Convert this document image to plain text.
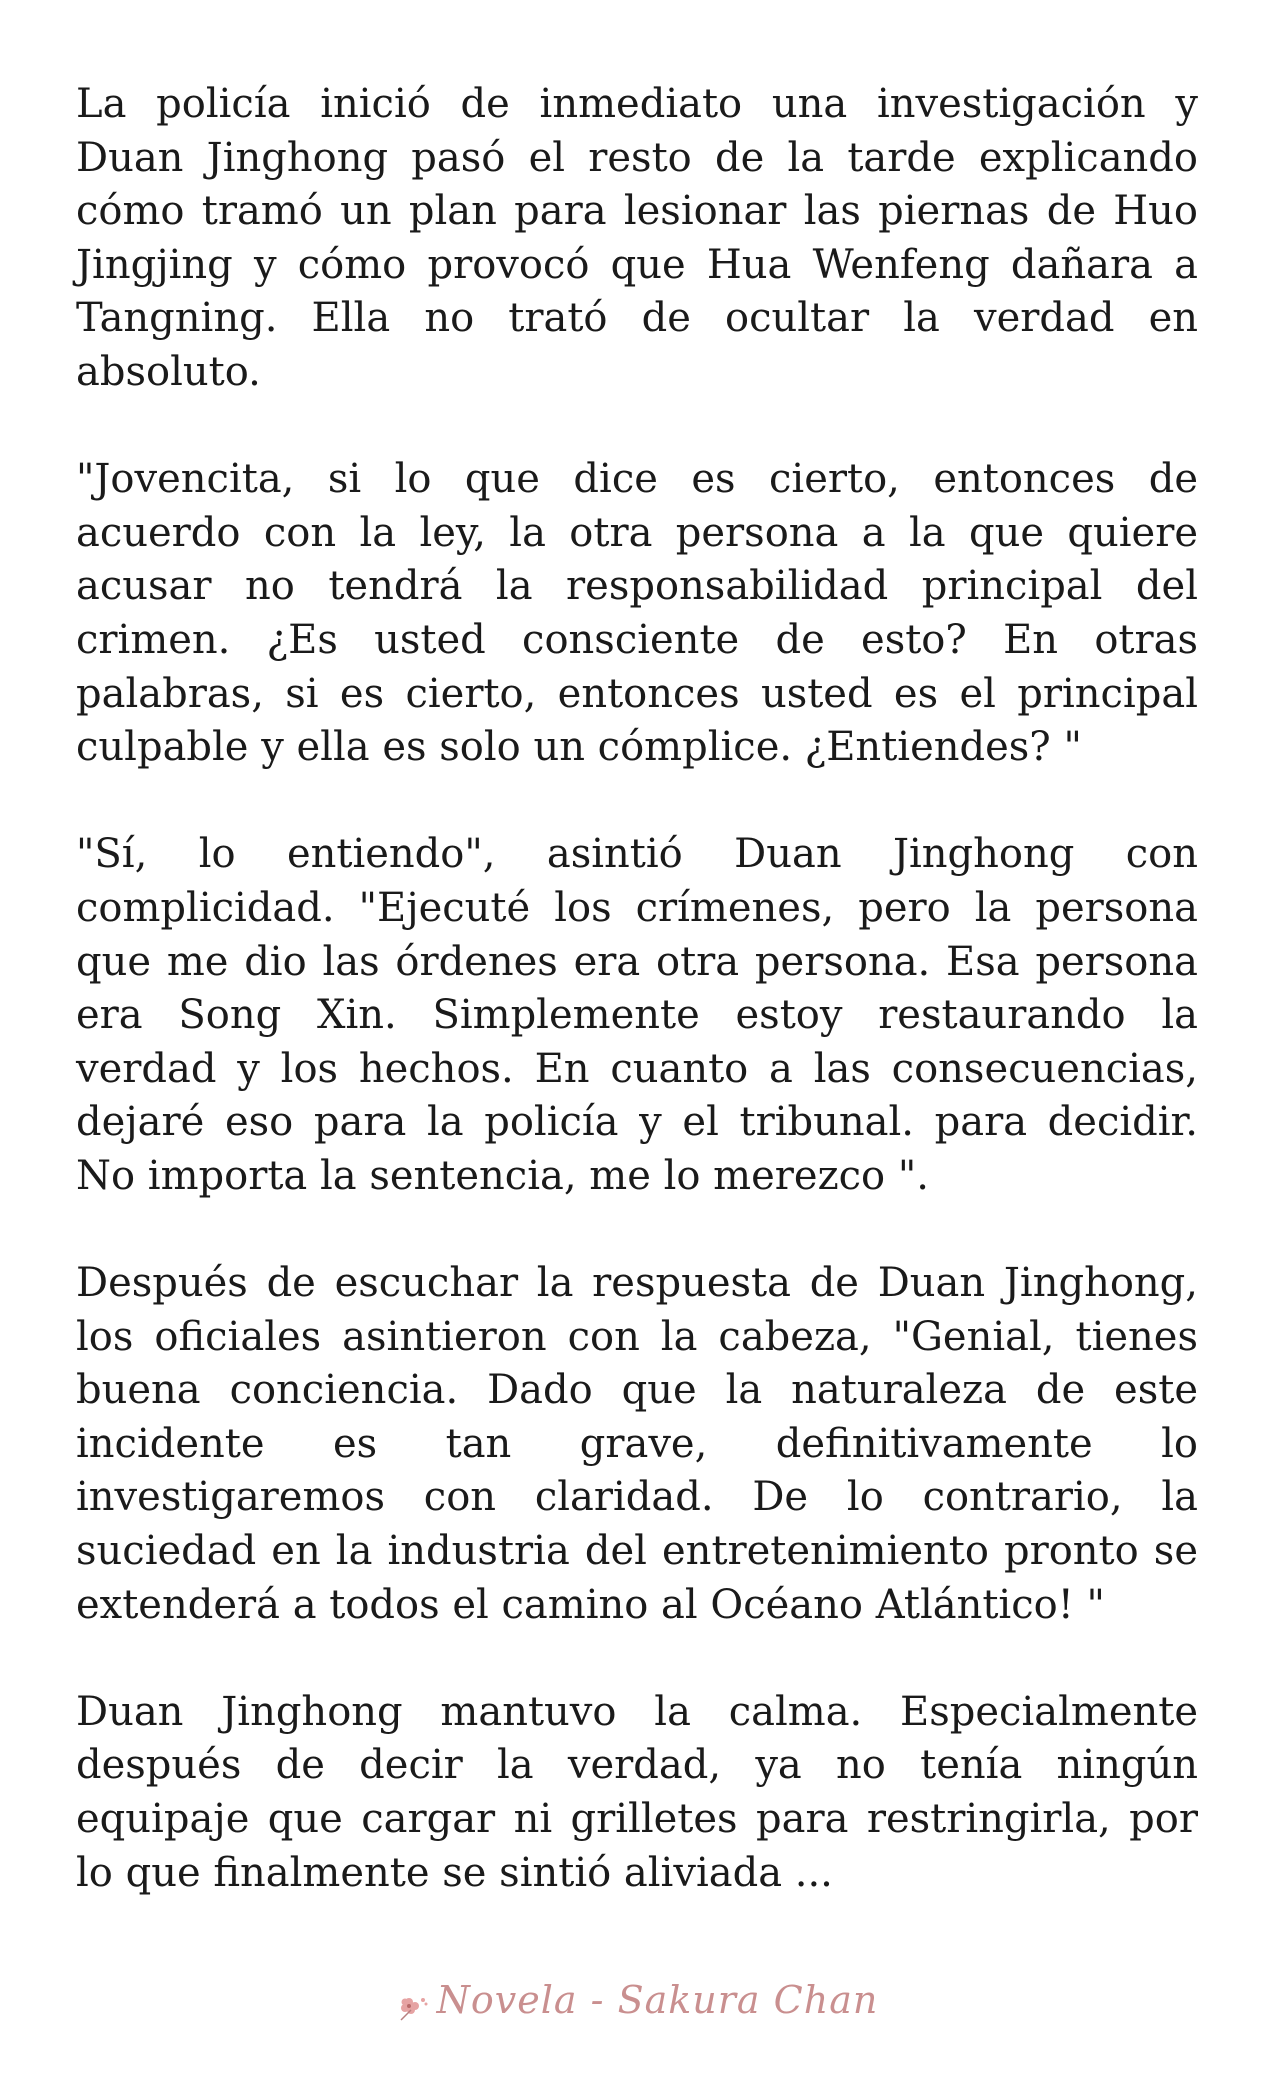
La policía inició de inmediato una investigación y Duan Jinghong pasó el resto de la tarde explicando cómo tramó un plan para lesionar las piernas de Huo Jingjing y cómo provocó que Hua Wenfeng dañara a Tangning. Ella no trató de ocultar la verdad en absoluto.

"Jovencita, si lo que dice es cierto, entonces de acuerdo con la ley, la otra persona a la que quiere acusar no tendrá la responsabilidad principal del crimen. ¿Es usted consciente de esto? En otras palabras, si es cierto, entonces usted es el principal culpable y ella es solo un cómplice. ¿Entiendes? "

"Sí, lo entiendo", asintió Duan Jinghong con complicidad. "Ejecuté los crímenes, pero la persona que me dio las órdenes era otra persona. Esa persona era Song Xin. Simplemente estoy restaurando la verdad y los hechos. En cuanto a las consecuencias, dejaré eso para la policía y el tribunal. para decidir. No importa la sentencia, me lo merezco ".

Después de escuchar la respuesta de Duan Jinghong, los oficiales asintieron con la cabeza, "Genial, tienes buena conciencia. Dado que la naturaleza de este incidente es tan grave, definitivamente lo investigaremos con claridad. De lo contrario, la suciedad en la industria del entretenimiento pronto se extenderá a todos el camino al Océano Atlántico! "

Duan Jinghong mantuvo la calma. Especialmente después de decir la verdad, ya no tenía ningún equipaje que cargar ni grilletes para restringirla, por lo que finalmente se sintió aliviada ...

Novela - Sakura Chan
